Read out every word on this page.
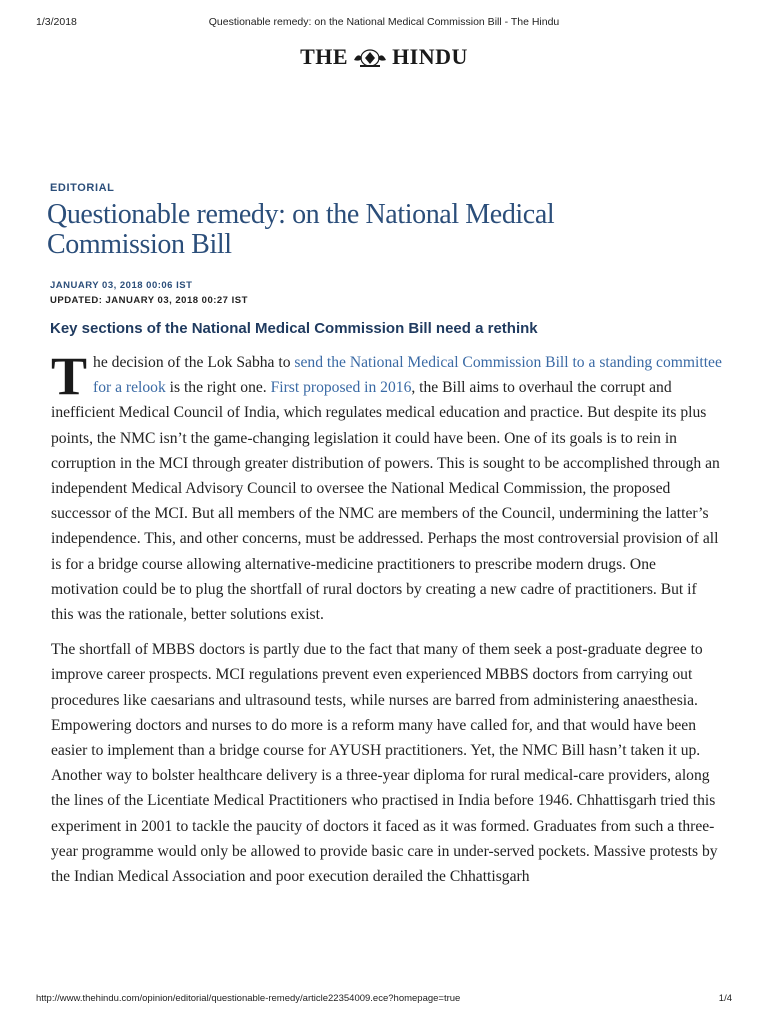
1/3/2018	Questionable remedy: on the National Medical Commission Bill - The Hindu
THE HINDU
EDITORIAL
Questionable remedy: on the National Medical Commission Bill
JANUARY 03, 2018 00:06 IST
UPDATED: JANUARY 03, 2018 00:27 IST
Key sections of the National Medical Commission Bill need a rethink

The decision of the Lok Sabha to send the National Medical Commission Bill to a standing committee for a relook is the right one. First proposed in 2016, the Bill aims to overhaul the corrupt and inefficient Medical Council of India, which regulates medical education and practice. But despite its plus points, the NMC isn’t the game-changing legislation it could have been. One of its goals is to rein in corruption in the MCI through greater distribution of powers. This is sought to be accomplished through an independent Medical Advisory Council to oversee the National Medical Commission, the proposed successor of the MCI. But all members of the NMC are members of the Council, undermining the latter’s independence. This, and other concerns, must be addressed. Perhaps the most controversial provision of all is for a bridge course allowing alternative-medicine practitioners to prescribe modern drugs. One motivation could be to plug the shortfall of rural doctors by creating a new cadre of practitioners. But if this was the rationale, better solutions exist.

The shortfall of MBBS doctors is partly due to the fact that many of them seek a post-graduate degree to improve career prospects. MCI regulations prevent even experienced MBBS doctors from carrying out procedures like caesarians and ultrasound tests, while nurses are barred from administering anaesthesia. Empowering doctors and nurses to do more is a reform many have called for, and that would have been easier to implement than a bridge course for AYUSH practitioners. Yet, the NMC Bill hasn’t taken it up. Another way to bolster healthcare delivery is a three-year diploma for rural medical-care providers, along the lines of the Licentiate Medical Practitioners who practised in India before 1946. Chhattisgarh tried this experiment in 2001 to tackle the paucity of doctors it faced as it was formed. Graduates from such a three-year programme would only be allowed to provide basic care in under-served pockets. Massive protests by the Indian Medical Association and poor execution derailed the Chhattisgarh

http://www.thehindu.com/opinion/editorial/questionable-remedy/article22354009.ece?homepage=true	1/4
